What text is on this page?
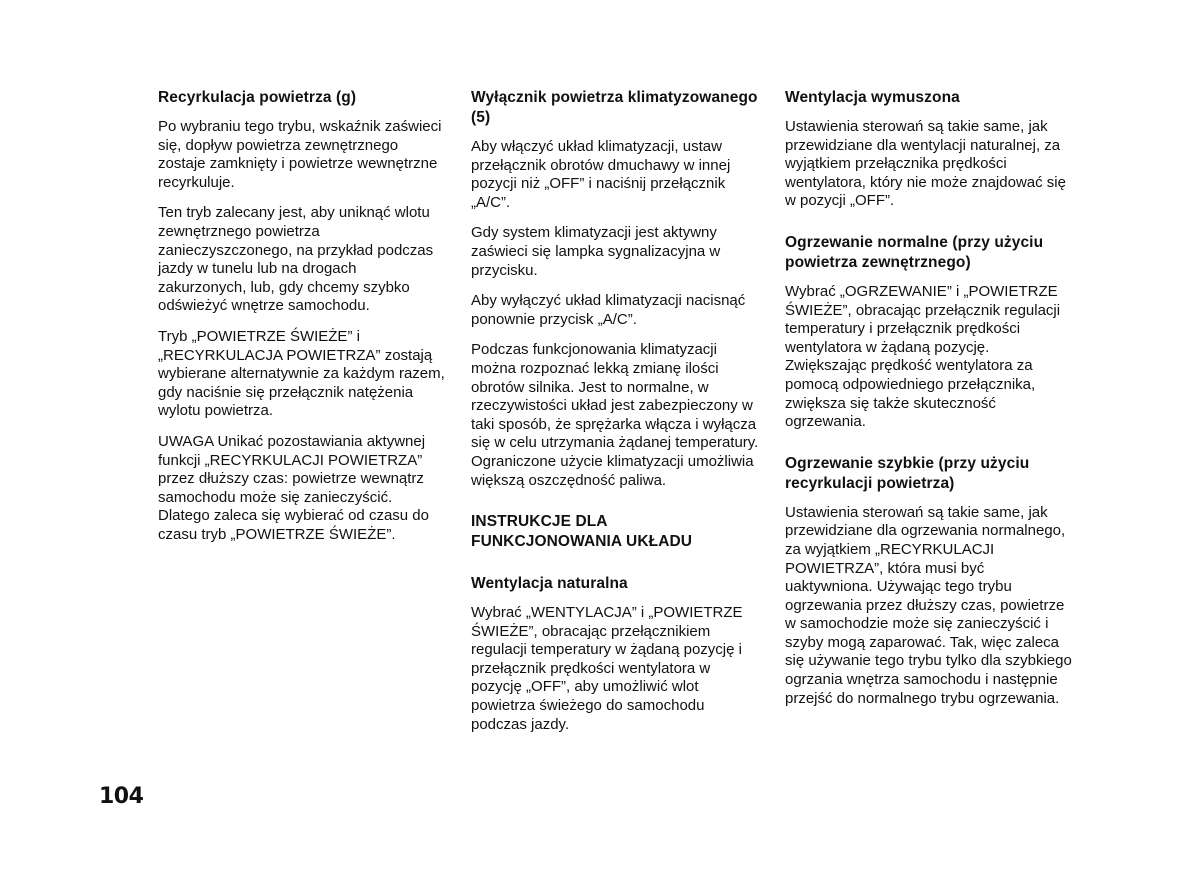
Recyrkulacja powietrza (g)

Po wybraniu tego trybu, wskaźnik zaświeci się, dopływ powietrza zewnętrznego zostaje zamknięty i powietrze wewnętrzne recyrkuluje.

Ten tryb zalecany jest, aby uniknąć wlotu zewnętrznego powietrza zanieczyszczonego, na przykład podczas jazdy w tunelu lub na drogach zakurzonych, lub, gdy chcemy szybko odświeżyć wnętrze samochodu.

Tryb „POWIETRZE ŚWIEŻE” i „RECYRKULACJA POWIETRZA” zostają wybierane alternatywnie za każdym razem, gdy naciśnie się przełącznik natężenia wylotu powietrza.

UWAGA Unikać pozostawiania aktywnej funkcji „RECYRKULACJI POWIETRZA” przez dłuższy czas: powietrze wewnątrz samochodu może się zanieczyścić. Dlatego zaleca się wybierać od czasu do czasu tryb „POWIETRZE ŚWIEŻE”.

Wyłącznik powietrza klimatyzowanego (5)

Aby włączyć układ klimatyzacji, ustaw przełącznik obrotów dmuchawy w innej pozycji niż „OFF” i naciśnij przełącznik „A/C”.

Gdy system klimatyzacji jest aktywny zaświeci się lampka sygnalizacyjna w przycisku.

Aby wyłączyć układ klimatyzacji nacisnąć ponownie przycisk „A/C”.

Podczas funkcjonowania klimatyzacji można rozpoznać lekką zmianę ilości obrotów silnika. Jest to normalne, w rzeczywistości układ jest zabezpieczony w taki sposób, że sprężarka włącza i wyłącza się w celu utrzymania żądanej temperatury. Ograniczone użycie klimatyzacji umożliwia większą oszczędność paliwa.

INSTRUKCJE DLA FUNKCJONOWANIA UKŁADU
Wentylacja naturalna

Wybrać „WENTYLACJA” i „POWIETRZE ŚWIEŻE”, obracając przełącznikiem regulacji temperatury w żądaną pozycję i przełącznik prędkości wentylatora w pozycję „OFF”, aby umożliwić wlot powietrza świeżego do samochodu podczas jazdy.

Wentylacja wymuszona

Ustawienia sterowań są takie same, jak przewidziane dla wentylacji naturalnej, za wyjątkiem przełącznika prędkości wentylatora, który nie może znajdować się w pozycji „OFF”.

Ogrzewanie normalne (przy użyciu powietrza zewnętrznego)

Wybrać „OGRZEWANIE” i „POWIETRZE ŚWIEŻE”, obracając przełącznik regulacji temperatury i przełącznik prędkości wentylatora w żądaną pozycję. Zwiększając prędkość wentylatora za pomocą odpowiedniego przełącznika, zwiększa się także skuteczność ogrzewania.

Ogrzewanie szybkie (przy użyciu recyrkulacji powietrza)

Ustawienia sterowań są takie same, jak przewidziane dla ogrzewania normalnego, za wyjątkiem „RECYRKULACJI POWIETRZA”, która musi być uaktywniona. Używając tego trybu ogrzewania przez dłuższy czas, powietrze w samochodzie może się zanieczyścić i szyby mogą zaparować. Tak, więc zaleca się używanie tego trybu tylko dla szybkiego ogrzania wnętrza samochodu i następnie przejść do normalnego trybu ogrzewania.

104
